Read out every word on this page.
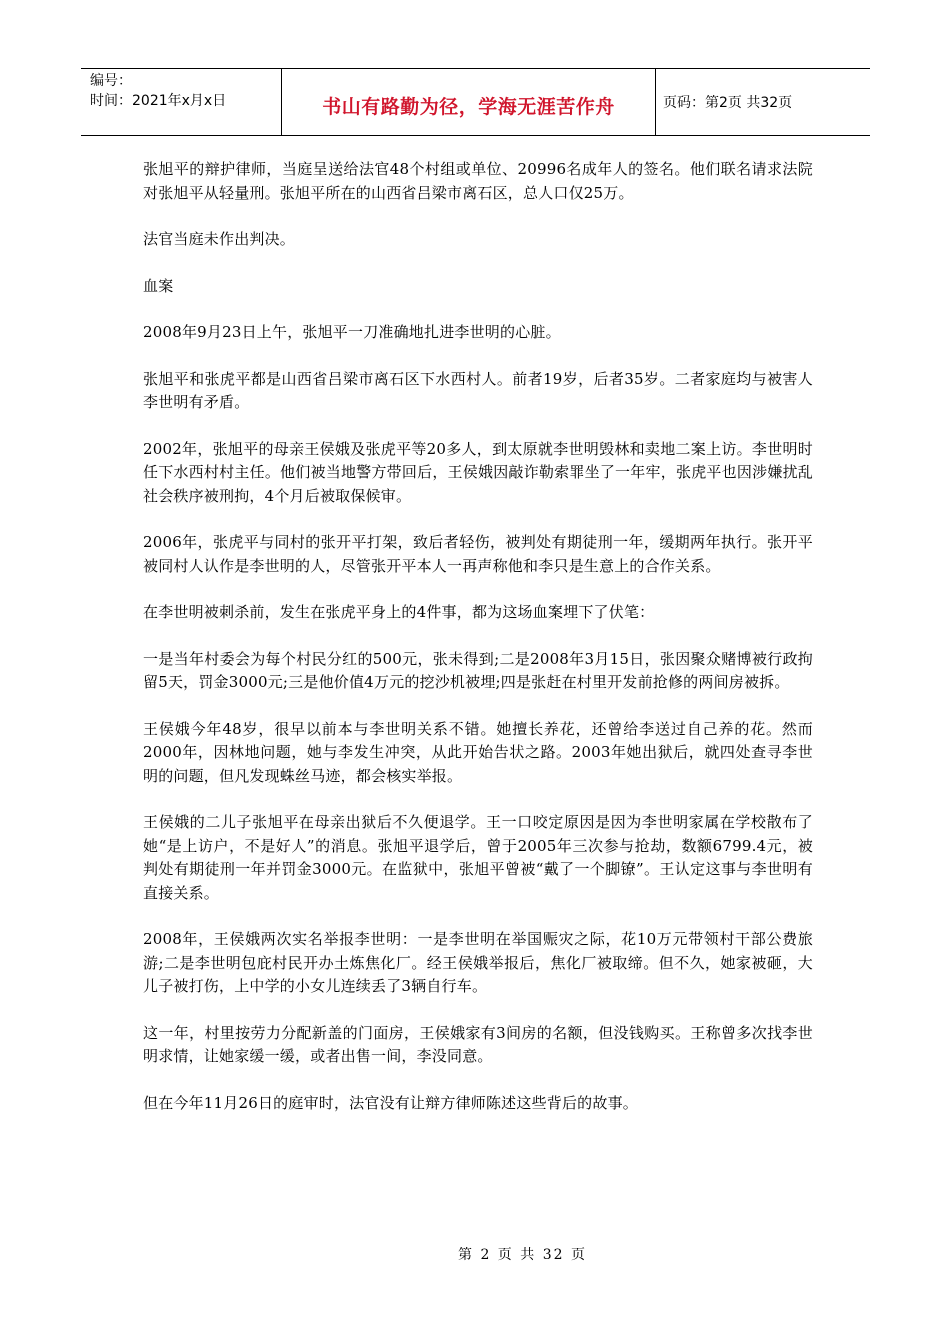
编号：
时间：2021年x月x日	书山有路勤为径，学海无涯苦作舟	页码：第2页 共32页

张旭平的辩护律师，当庭呈送给法官48个村组或单位、20996名成年人的签名。他们联名请求法院对张旭平从轻量刑。张旭平所在的山西省吕梁市离石区，总人口仅25万。

法官当庭未作出判决。

血案

2008年9月23日上午，张旭平一刀准确地扎进李世明的心脏。

张旭平和张虎平都是山西省吕梁市离石区下水西村人。前者19岁，后者35岁。二者家庭均与被害人李世明有矛盾。

2002年，张旭平的母亲王侯娥及张虎平等20多人，到太原就李世明毁林和卖地二案上访。李世明时任下水西村村主任。他们被当地警方带回后，王侯娥因敲诈勒索罪坐了一年牢，张虎平也因涉嫌扰乱社会秩序被刑拘，4个月后被取保候审。

2006年，张虎平与同村的张开平打架，致后者轻伤，被判处有期徒刑一年，缓期两年执行。张开平被同村人认作是李世明的人，尽管张开平本人一再声称他和李只是生意上的合作关系。

在李世明被刺杀前，发生在张虎平身上的4件事，都为这场血案埋下了伏笔：

一是当年村委会为每个村民分红的500元，张未得到;二是2008年3月15日，张因聚众赌博被行政拘留5天，罚金3000元;三是他价值4万元的挖沙机被埋;四是张赶在村里开发前抢修的两间房被拆。

王侯娥今年48岁，很早以前本与李世明关系不错。她擅长养花，还曾给李送过自己养的花。然而2000年，因林地问题，她与李发生冲突，从此开始告状之路。2003年她出狱后，就四处查寻李世明的问题，但凡发现蛛丝马迹，都会核实举报。

王侯娥的二儿子张旭平在母亲出狱后不久便退学。王一口咬定原因是因为李世明家属在学校散布了她“是上访户，不是好人”的消息。张旭平退学后，曾于2005年三次参与抢劫，数额6799.4元，被判处有期徒刑一年并罚金3000元。在监狱中，张旭平曾被“戴了一个脚镣”。王认定这事与李世明有直接关系。

2008年，王侯娥两次实名举报李世明：一是李世明在举国赈灾之际，花10万元带领村干部公费旅游;二是李世明包庇村民开办土炼焦化厂。经王侯娥举报后，焦化厂被取缔。但不久，她家被砸，大儿子被打伤，上中学的小女儿连续丢了3辆自行车。

这一年，村里按劳力分配新盖的门面房，王侯娥家有3间房的名额，但没钱购买。王称曾多次找李世明求情，让她家缓一缓，或者出售一间，李没同意。

但在今年11月26日的庭审时，法官没有让辩方律师陈述这些背后的故事。

第 2 页 共 32 页
